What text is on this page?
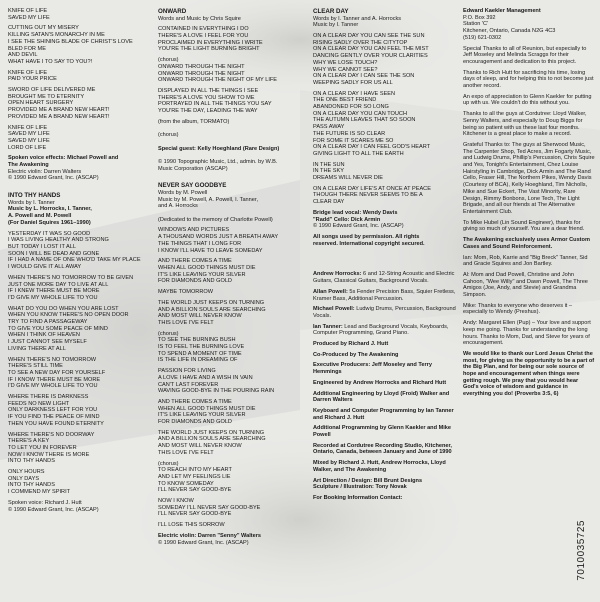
KNIFE OF LIFE
SAVED MY LIFE
CUTTING OUT MY MISERY
KILLING SATAN'S MONARCHY IN ME
I SEE THE SHINING BLADE OF CHRIST'S LOVE
BLED FOR ME
AND DEVIL
WHAT HAVE I TO SAY TO YOU?!
KNIFE OF LIFE
PAID YOUR PRICE
SWORD OF LIFE DELIVERED ME
BROUGHT ME TO ETERNITY
OPEN HEART SURGERY
PROVIDED ME A BRAND NEW HEART!
PROVIDED ME A BRAND NEW HEART!
KNIFE OF LIFE
SAVED MY LIFE
SAVED MY LIFE
LORD OF LIFE
Spoken voice effects: Michael Powell and
The Awakening
Electric violin: Darren Walters
© 1990 Edward Grant, Inc. (ASCAP)
INTO THY HANDS
Words by I. Tanner
Music by L. Horrocks, I. Tanner,
A. Powell and M. Powell
(For Daniel Squires 1961–1990)
YESTERDAY IT WAS SO GOOD
I WAS LIVING HEALTHY AND STRONG
BUT TODAY I LOST IT ALL
SOON I WILL BE DEAD AND GONE
IF I HAD A NAME OF ONE WHO'D TAKE MY PLACE
I WOULD GIVE IT ALL AWAY
WHEN THERE'S NO TOMORROW TO BE GIVEN
JUST ONE MORE DAY TO LIVE AT ALL
IF I KNEW THERE MUST BE MORE
I'D GIVE MY WHOLE LIFE TO YOU
WHAT DO YOU DO WHEN YOU ARE LOST
WHEN YOU KNOW THERE'S NO OPEN DOOR
TRY TO FIND A PASSAGEWAY
TO GIVE YOU SOME PEACE OF MIND
WHEN I THINK OF HEAVEN
I JUST CANNOT SEE MYSELF
LIVING THERE AT ALL
WHEN THERE'S NO TOMORROW
THERE'S STILL TIME
TO SEE A NEW DAY FOR YOURSELF
IF I KNOW THERE MUST BE MORE
I'D GIVE MY WHOLE LIFE TO YOU
WHERE THERE IS DARKNESS
FEEDS NO NEW LIGHT
ONLY DARKNESS LEFT FOR YOU
IF YOU FIND THE PEACE OF MIND
THEN YOU HAVE FOUND ETERNITY
WHERE THERE'S NO DOORWAY
THERE'S A KEY
TO LET YOU IN FOREVER
NOW I KNOW THERE IS MORE
INTO THY HANDS
ONLY HOURS
ONLY DAYS
INTO THY HANDS
I COMMEND MY SPIRIT
Spoken voice: Richard J. Hutt
© 1990 Edward Grant, Inc. (ASCAP)
ONWARD
Words and Music by Chris Squire
CONTAINED IN EVERYTHING I DO
THERE'S A LOVE I FEEL FOR YOU
PROCLAIMED IN EVERYTHING I WRITE
YOU'RE THE LIGHT BURNING BRIGHT
(chorus)
ONWARD THROUGH THE NIGHT
ONWARD THROUGH THE NIGHT
ONWARD THROUGH THE NIGHT OF MY LIFE
DISPLAYED IN ALL THE THINGS I SEE
THERE'S A LOVE YOU SHOW TO ME
PORTRAYED IN ALL THE THINGS YOU SAY
YOU'RE THE DAY, LEADING THE WAY
(from the album, TORMATO)
(chorus)
Special guest: Kelly Hoeghland (Rare Design)
© 1990 Topographic Music, Ltd., admin. by W.B.
Music Corporation (ASCAP)
NEVER SAY GOODBYE
Words by M. Powell
Music by M. Powell, A. Powell, I. Tanner,
and A. Horrocks
(Dedicated to the memory of Charlotte Powell)
WINDOWS AND PICTURES
A THOUSAND WORDS JUST A BREATH AWAY
THE THINGS THAT I LONG FOR
I KNOW I'LL HAVE TO LEAVE SOMEDAY
AND THERE COMES A TIME
WHEN ALL GOOD THINGS MUST DIE
IT'S LIKE LEAVING YOUR SILVER
FOR DIAMONDS AND GOLD
MAYBE TOMORROW
THE WORLD JUST KEEPS ON TURNING
AND A BILLION SOULS ARE SEARCHING
AND MOST WILL NEVER KNOW
THIS LOVE I'VE FELT
(chorus)
TO SEE THE BURNING BUSH
IS TO FEEL THE BURNING LOVE
TO SPEND A MOMENT OF TIME
IS THE LIFE IN DREAMING OF
PASSION FOR LIVING
A LOVE I HAVE AND A WISH IN VAIN
CAN'T LAST FOREVER
WAVING GOOD-BYE IN THE POURING RAIN
AND THERE COMES A TIME
WHEN ALL GOOD THINGS MUST DIE
IT'S LIKE LEAVING YOUR SILVER
FOR DIAMONDS AND GOLD
THE WORLD JUST KEEPS ON TURNING
AND A BILLION SOULS ARE SEARCHING
AND MOST WILL NEVER KNOW
THIS LOVE I'VE FELT
(chorus)
TO REACH INTO MY HEART
AND LET MY FEELINGS LIE
TO KNOW SOMEDAY
I'LL NEVER SAY GOOD-BYE
NOW I KNOW
SOMEDAY I'LL NEVER SAY GOOD-BYE
I'LL NEVER SAY GOOD-BYE
I'LL LOSE THIS SORROW
Electric violin: Darren "Senny" Walters
© 1990 Edward Grant, Inc. (ASCAP)
CLEAR DAY
Words by I. Tanner and A. Horrocks
Music by I. Tanner
ON A CLEAR DAY YOU CAN SEE THE SUN
RISING SADLY OVER THE CITYTOP
ON A CLEAR DAY YOU CAN FEEL THE MIST
DANCING GENTLY OVER YOUR CLARITIES
WHY WE LOSE TOUCH?
WHY WE CANNOT SEE?
ON A CLEAR DAY I CAN SEE THE SON
WEEPING SADLY FOR US ALL
ON A CLEAR DAY I HAVE SEEN
THE ONE BEST FRIEND
ABANDONED FOR SO LONG
ON A CLEAR DAY YOU CAN TOUCH
THE AUTUMN LEAVES THAT SO SOON
PASS AWAY
THE FUTURE IS SO CLEAR
FOR SOME IT SCARES ME SO
ON A CLEAR DAY I CAN FEEL GOD'S HEART
GIVING LIGHT TO ALL THE EARTH
IN THE SUN
IN THE SKY
DREAMS WILL NEVER DIE
ON A CLEAR DAY LIFE'S AT ONCE AT PEACE
THOUGH THERE NEVER SEEMS TO BE A
CLEAR DAY
Bridge lead vocal: Wendy Davis
"Radd" Cello: Dick Armin
© 1990 Edward Grant, Inc. (ASCAP)
All songs used by permission. All rights
reserved. International copyright secured.
Andrew Horrocks: 6 and 12-String Acoustic and Electric Guitars, Classical Guitars, Background Vocals.
Allan Powell: 5s Fender Precision Bass, Squier Fretless, Kramer Bass, Additional Percussion.
Michael Powell: Ludwig Drums, Percussion, Background Vocals.
Ian Tanner: Lead and Background Vocals, Keyboards, Computer Programming, Grand Piano.
Produced by Richard J. Hutt
Co-Produced by The Awakening
Executive Producers: Jeff Moseley and Terry Hemmings
Engineered by Andrew Horrocks and Richard Hutt
Additional Engineering by Lloyd (Froid) Walker and Darren Walters
Keyboard and Computer Programming by Ian Tanner and Richard J. Hutt
Additional Programming by Glenn Kaekler and Mike Powell
Recorded at Cordutree Recording Studio, Kitchener, Ontario, Canada, between January and June of 1990
Mixed by Richard J. Hutt, Andrew Horrocks, Lloyd Walker, and The Awakening
Art Direction / Design: Bill Brunt Designs
Sculpture / Illustration: Tony Novak
For Booking Information Contact:
Edward Kaekler Management
P.O. Box 392
Station 'C'
Kitchener, Ontario, Canada N2G 4C3
(519) 621-0302
Special Thanks to all of Reunion, but especially to Jeff Moseley and Melinda Scraggs for their encouragement and dedication to this project.
Thanks to Rich Hutt for sacrificing his time, losing days of sleep, and for helping this to not become just another record.
An expo of appreciation to Glenn Kaekler for putting up with us. We couldn't do this without you.
Thanks to all the guys at Cordutree: Lloyd Walker, Senny Walters, and especially to Doug Biggs for being so patient with us these last four months. Kitchener is a great place to make a record.
Grateful Thanks to: The guys at Sherwood Music, The Carpenter Shop, Ted Acres, Jim Fogarty Music, and Ludwig Drums, Phillip's Percussion, Chris Squire and Yes, Tonight's Entertainment, Chez Louise Hairstyling in Cambridge, Dick Armin and The Rand Cello, Fraser Hill, The Northern Pikes, Wendy Davis (Courtesy of BCA), Kelly Hoeghland, Tim Nicholls, Mike and Sue Eckert, The Vast Minority, Rare Design, Rimmy Bonbons, Lone Tech, The Light Brigade, and all our friends at The Alternative Entertainment Club.
To Mike Hubel (Lin Sound Engineer), thanks for giving so much of yourself. You are a dear friend.
The Awakening exclusively uses Armor Custom Cases and Sound Reinforcement.
Ian: Mom, Rob, Karrie and "Big Breck" Tanner, Sid and Gracie Squires and Jon Bartley.
Al: Mom and Dad Powell, Christine and John Cahoon, "Wee Willy" and Dawn Powell, The Three Amigos (Joe, Andy, and Stevie) and Grandma Simpson.
Mike: Thanks to everyone who deserves it – especially to Wendy (Preshus).
Andy: Margaret Ellen (Pup) – Your love and support keep me going. Thanks for understanding the long hours. Thanks to Mom, Dad, and Steve for years of encouragement.
We would like to thank our Lord Jesus Christ the most, for giving us the opportunity to be a part of the Big Plan, and for being our sole source of hope and encouragement when things were getting rough. We pray that you would hear God's voice of wisdom and guidance in everything you do! (Proverbs 3:5, 6)
7010035725
